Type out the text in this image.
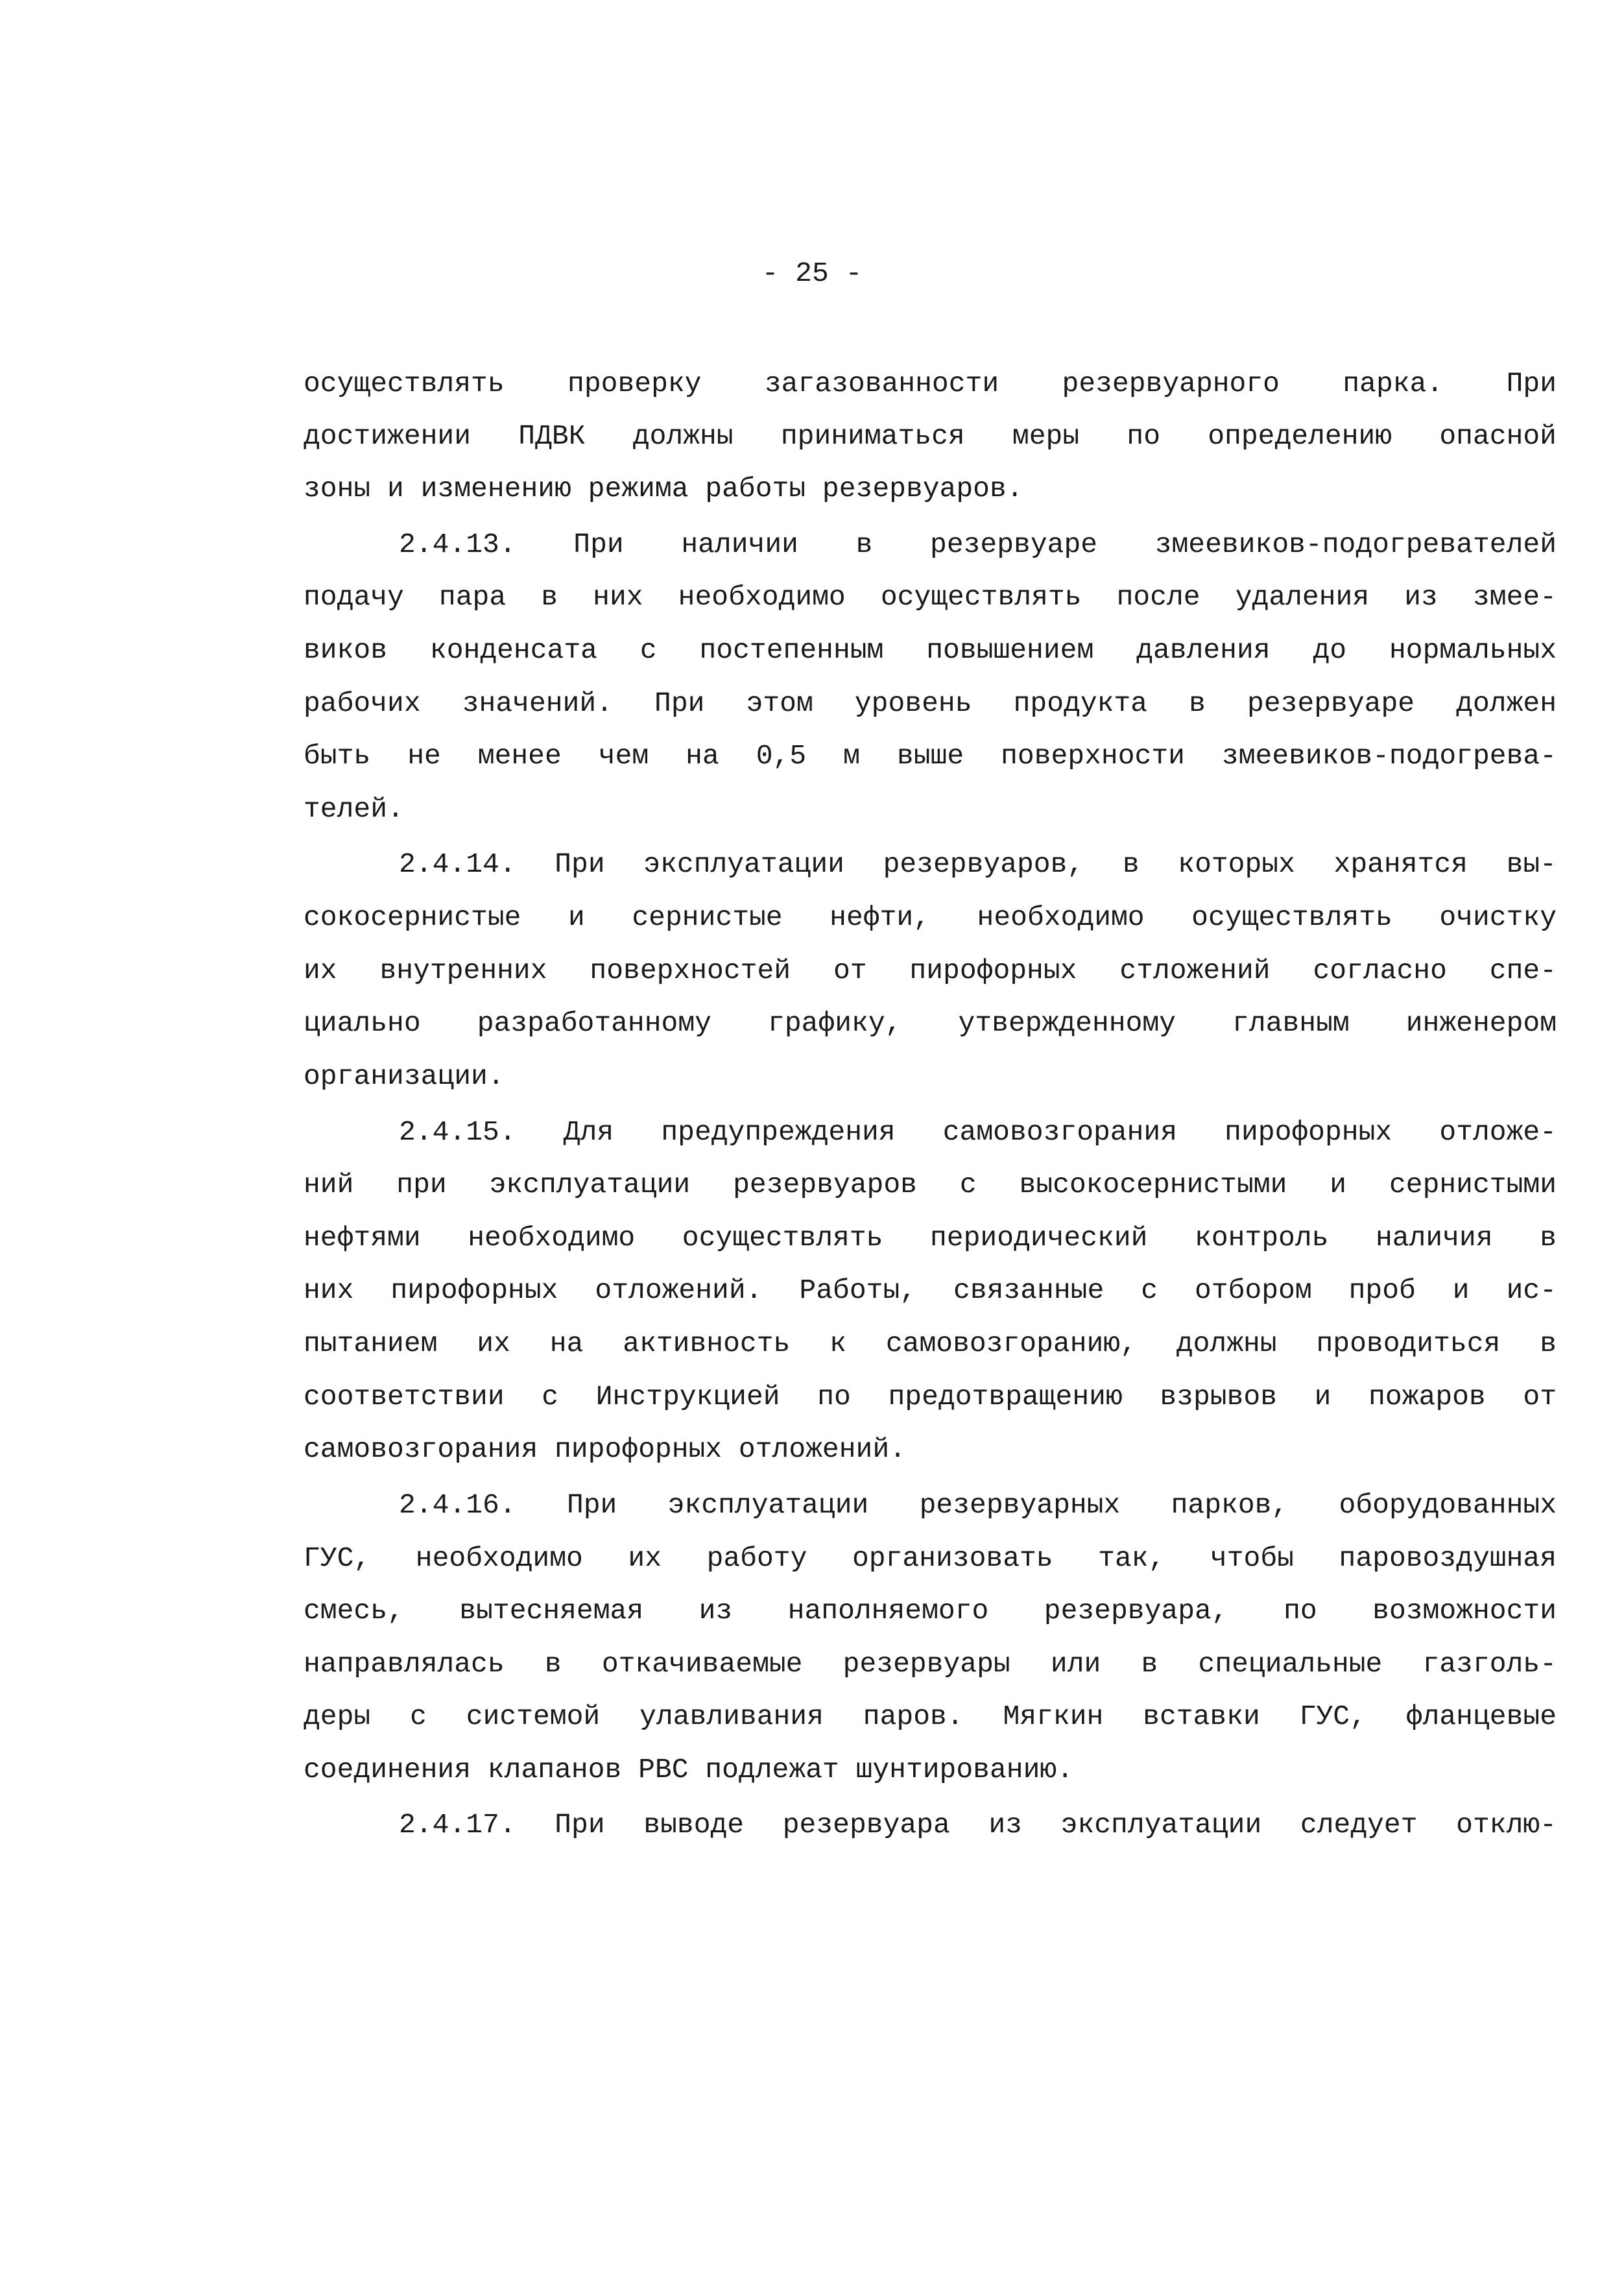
- 25 -
осуществлять проверку загазованности резервуарного парка. При
достижении ПДВК должны приниматься меры по определению опасной
зоны и изменению режима работы резервуаров.
2.4.13. При наличии в резервуаре змеевиков-подогревателей
подачу пара в них необходимо осуществлять после удаления из змее-
виков конденсата с постепенным повышением давления до нормальных
рабочих значений. При этом уровень продукта в резервуаре должен
быть не менее чем на 0,5 м выше поверхности змеевиков-подогрева-
телей.
2.4.14. При эксплуатации резервуаров, в которых хранятся вы-
сокосернистые и сернистые нефти, необходимо осуществлять очистку
их внутренних поверхностей от пирофорных стложений согласно спе-
циально разработанному графику, утвержденному главным инженером
организации.
2.4.15. Для предупреждения самовозгорания пирофорных отложе-
ний при эксплуатации резервуаров с высокосернистыми и сернистыми
нефтями необходимо осуществлять периодический контроль наличия в
них пирофорных отложений. Работы, связанные с отбором проб и ис-
пытанием их на активность к самовозгоранию, должны проводиться в
соответствии с Инструкцией по предотвращению взрывов и пожаров от
самовозгорания пирофорных отложений.
2.4.16. При эксплуатации резервуарных парков, оборудованных
ГУС, необходимо их работу организовать так, чтобы паровоздушная
смесь, вытесняемая из наполняемого резервуара, по возможности
направлялась в откачиваемые резервуары или в специальные газголь-
деры с системой улавливания паров. Мягкин вставки ГУС, фланцевые
соединения клапанов РВС подлежат шунтированию.
2.4.17. При выводе резервуара из эксплуатации следует отклю-
